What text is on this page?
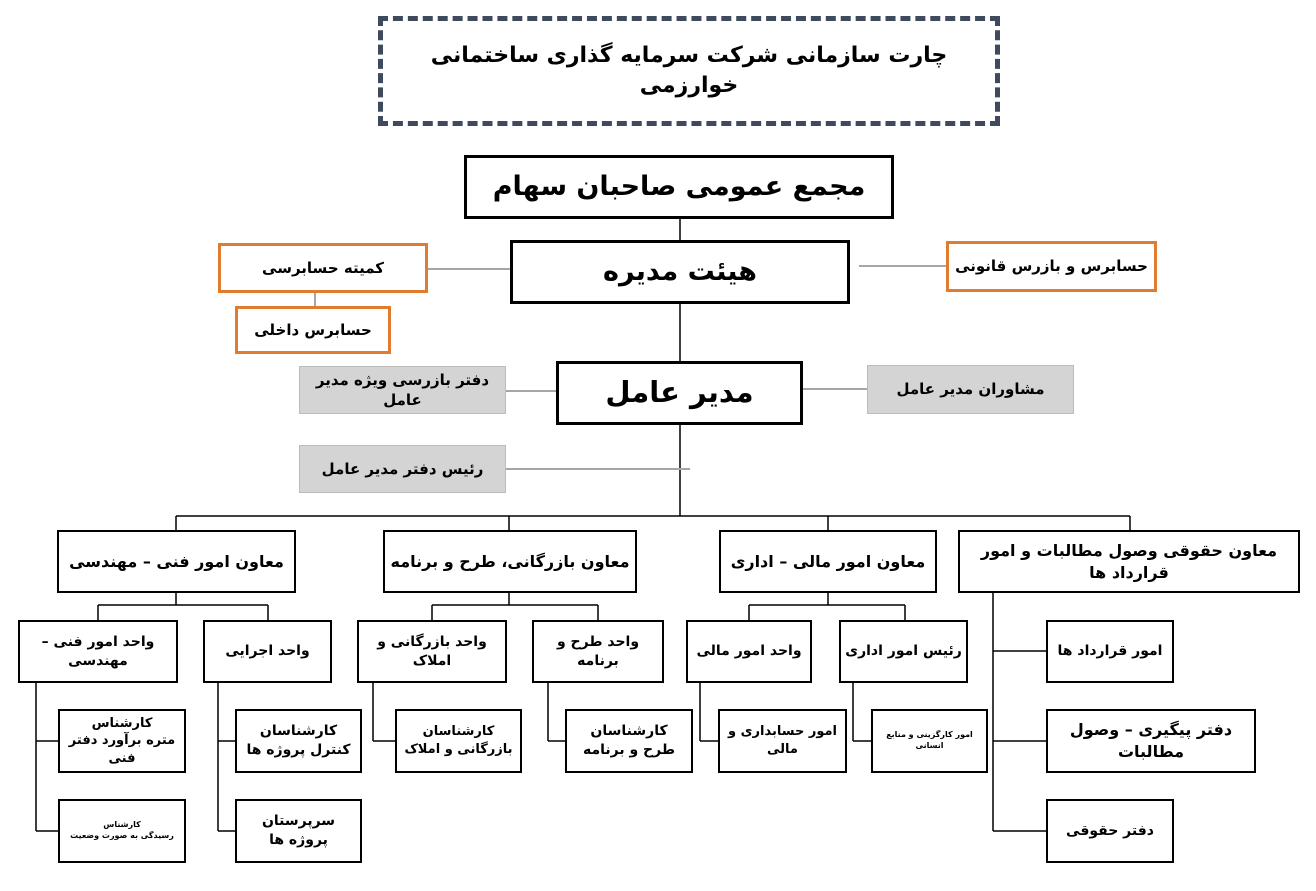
چارت سازمانی شرکت سرمایه گذاری ساختمانی خوارزمی
مجمع عمومی صاحبان سهام
هیئت مدیره
کمیته حسابرسی
حسابرس داخلی
حسابرس و بازرس قانونی
مدیر عامل
دفتر بازرسی ویژه مدیر عامل
مشاوران مدیر عامل
رئیس دفتر مدیر عامل
معاون امور فنی – مهندسی	معاون بازرگانی، طرح و برنامه	معاون امور مالی – اداری
معاون حقوقی وصول مطالبات و امور قرارداد ها
واحد امور فنی – مهندسی
واحد اجرایی
واحد بازرگانی و املاک
واحد طرح و برنامه
واحد امور مالی	رئیس امور اداری	امور قرارداد ها
دفتر پیگیری – وصول مطالبات
دفتر حقوقی
کارشناس
متره برآورد دفتر فنی
کارشناس
رسیدگی به صورت وضعیت
کارشناسان
کنترل پروژه ها
سرپرستان
پروژه ها
کارشناسان
بازرگانی و املاک
کارشناسان
طرح و برنامه
امور حسابداری و مالی
امور کارگزینی و منابع انسانی
